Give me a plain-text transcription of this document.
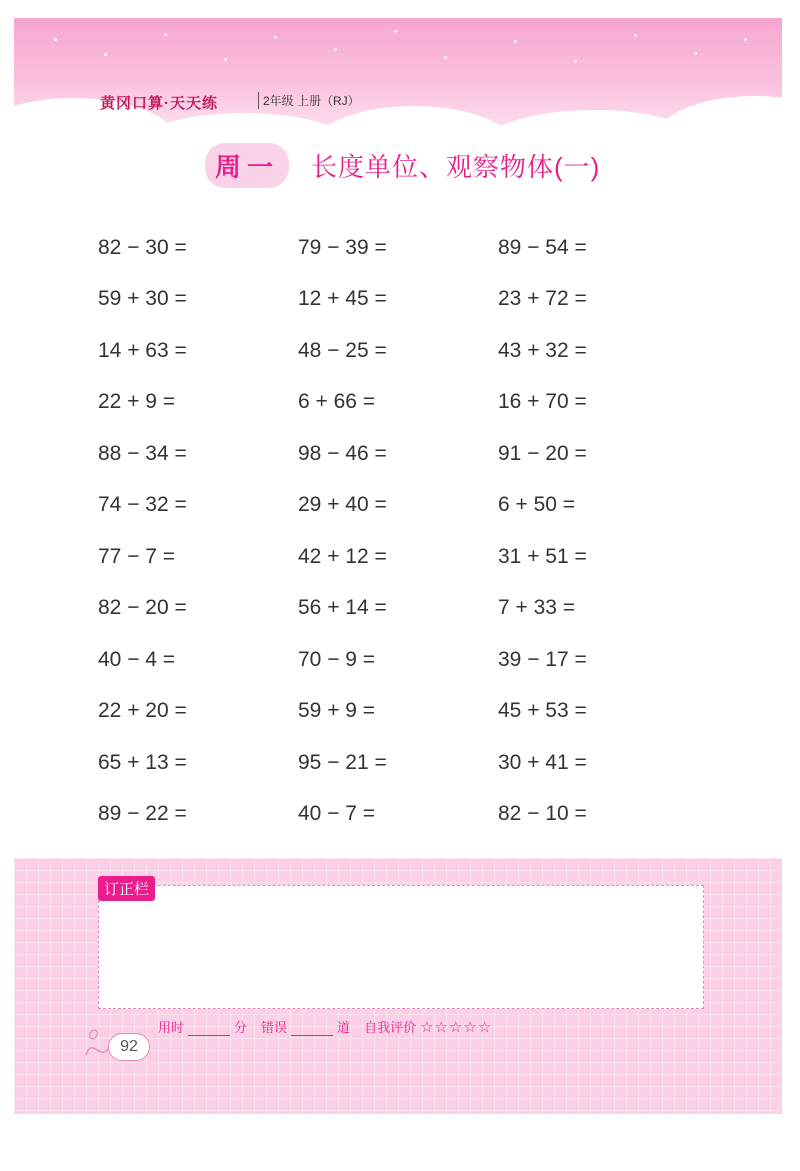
黄冈口算·天天练	2年级 上册（RJ）
周一	长度单位、观察物体(一)
82 − 30 =	79 − 39 =	89 − 54 =
59 + 30 =	12 + 45 =	23 + 72 =
14 + 63 =	48 − 25 =	43 + 32 =
22 + 9 =	6 + 66 =	16 + 70 =
88 − 34 =	98 − 46 =	91 − 20 =
74 − 32 =	29 + 40 =	6 + 50 =
77 − 7 =	42 + 12 =	31 + 51 =
82 − 20 =	56 + 14 =	7 + 33 =
40 − 4 =	70 − 9 =	39 − 17 =
22 + 20 =	59 + 9 =	45 + 53 =
65 + 13 =	95 − 21 =	30 + 41 =
89 − 22 =	40 − 7 =	82 − 10 =
订正栏
92
用时	分 错误	道 自我评价 ☆☆☆☆☆
